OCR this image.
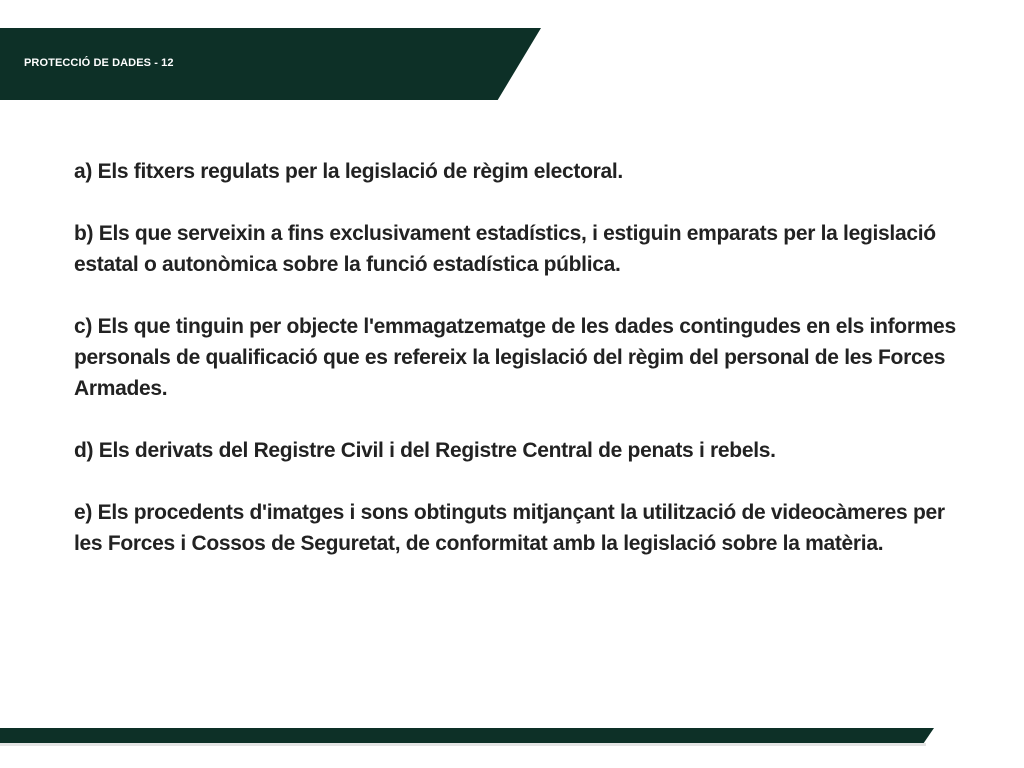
PROTECCIÓ DE DADES - 12

a) Els fitxers regulats per la legislació de règim electoral.

b) Els que serveixin a fins exclusivament estadístics, i estiguin emparats per la legislació estatal o autonòmica sobre la funció estadística pública.

c) Els que tinguin per objecte l'emmagatzematge de les dades contingudes en els informes personals de qualificació que es refereix la legislació del règim del personal de les Forces Armades.

d) Els derivats del Registre Civil i del Registre Central de penats i rebels.

e) Els procedents d'imatges i sons obtinguts mitjançant la utilització de videocàmeres per les Forces i Cossos de Seguretat, de conformitat amb la legislació sobre la matèria.
